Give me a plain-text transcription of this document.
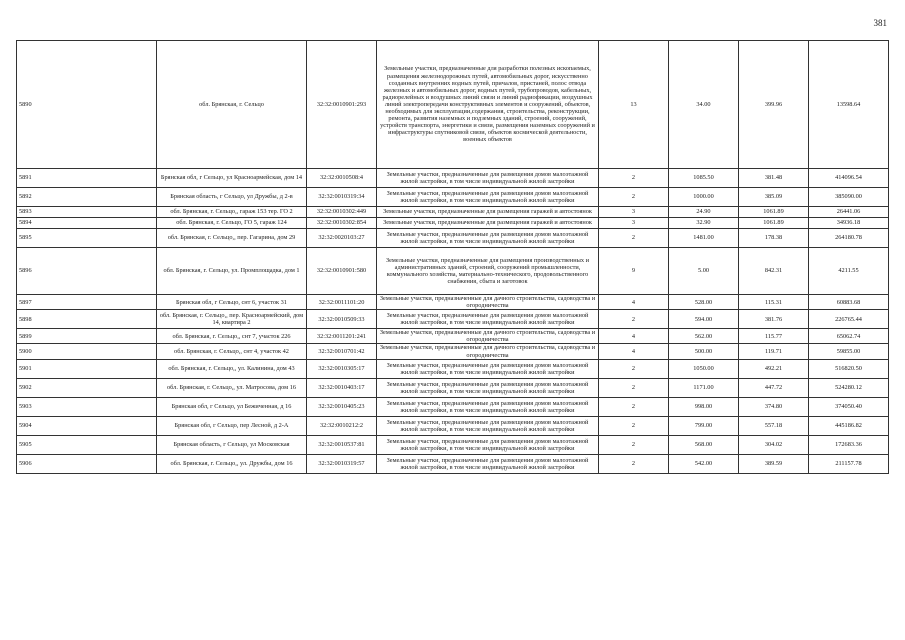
381
5890	обл. Брянская, г. Сельцо	32:32:0010901:293	Земельные участки, предназначенные для разработки полезных ископаемых, размещения железнодорожных путей, автомобильных дорог, искусственно созданных внутренних водных путей, причалов, пристаней, полос отвода железных и автомобильных дорог, водных путей, трубопроводов, кабельных, радиорелейных и воздушных линий связи и линий радиофикации, воздушных линий электропередачи конструктивных элементов и сооружений, объектов, необходимых для эксплуатации,содержания, строительства, реконструкции, ремонта, развития наземных и подземных зданий, строений, сооружений, устройств транспорта, энергетики и связи, размещения наземных сооружений и инфраструктуры спутниковой связи, объектов космической деятельности, военных объектов	13	34.00	399.96	13598.64
5891	Брянская обл, г Сельцо, ул Красноармейская, дом 14	32:32:0010508:4	Земельные участки, предназначенные для размещения домов малоэтажной жилой застройки, в том числе индивидуальной жилой застройки	2	1085.50	381.48	414096.54
5892	Брянская область, г Сельцо, ул Дружбы, д 2-в	32:32:0010319:34	Земельные участки, предназначенные для размещения домов малоэтажной жилой застройки, в том числе индивидуальной жилой застройки	2	1000.00	385.09	385090.00
5893	обл. Брянская, г. Сельцо,, гараж 153 тер. ГО 2	32:32:0010302:449	Земельные участки, предназначенные для размещения гаражей и автостоянок	3	24.90	1061.89	26441.06
5894	обл. Брянская, г. Сельцо, ГО 5, гараж 124	32:32:0010302:854	Земельные участки, предназначенные для размещения гаражей и автостоянок	3	32.90	1061.89	34936.18
5895	обл. Брянская, г. Сельцо,, пер. Гагарина, дом 29	32:32:0020103:27	Земельные участки, предназначенные для размещения домов малоэтажной жилой застройки, в том числе индивидуальной жилой застройки	2	1481.00	178.38	264180.78
5896	обл. Брянская, г. Сельцо, ул. Промплощадка, дом 1	32:32:0010901:580	Земельные участки, предназначенные для размещения производственных и административных зданий, строений, сооружений промышленности, коммунального хозяйства, материально-технического, продовольственного снабжения, сбыта и заготовок	9	5.00	842.31	4211.55
5897	Брянская обл, г Сельцо, снт 6, участок 31	32:32:0011101:20	Земельные участки, предназначенные для дачного строительства, садоводства и огородничества	4	528.00	115.31	60883.68
5898	обл. Брянская, г. Сельцо,, пер. Красноармейский, дом 14, квартира 2	32:32:0010509:33	Земельные участки, предназначенные для размещения домов малоэтажной жилой застройки, в том числе индивидуальной жилой застройки	2	594.00	381.76	226765.44
5899	обл. Брянская, г. Сельцо,, снт 7, участок 226	32:32:0011201:241	Земельные участки, предназначенные для дачного строительства, садоводства и огородничества	4	562.00	115.77	65062.74
5900	обл. Брянская, г. Сельцо,, снт 4, участок 42	32:32:0010701:42	Земельные участки, предназначенные для дачного строительства, садоводства и огородничества	4	500.00	119.71	59855.00
5901	обл. Брянская, г. Сельцо,, ул. Калинина, дом 43	32:32:0010305:17	Земельные участки, предназначенные для размещения домов малоэтажной жилой застройки, в том числе индивидуальной жилой застройки	2	1050.00	492.21	516820.50
5902	обл. Брянская, г. Сельцо,, ул. Матросова, дом 16	32:32:0010403:17	Земельные участки, предназначенные для размещения домов малоэтажной жилой застройки, в том числе индивидуальной жилой застройки	2	1171.00	447.72	524280.12
5903	Брянская обл, г Сельцо, ул Бежиченная, д 16	32:32:0010405:23	Земельные участки, предназначенные для размещения домов малоэтажной жилой застройки, в том числе индивидуальной жилой застройки	2	998.00	374.80	374050.40
5904	Брянская обл, г Сельцо, пер Лесной, д 2-А	32:32:0010212:2	Земельные участки, предназначенные для размещения домов малоэтажной жилой застройки, в том числе индивидуальной жилой застройки	2	799.00	557.18	445186.82
5905	Брянская область, г Сельцо, ул Московская	32:32:0010537:81	Земельные участки, предназначенные для размещения домов малоэтажной жилой застройки, в том числе индивидуальной жилой застройки	2	568.00	304.02	172683.36
5906	обл. Брянская, г. Сельцо,, ул. Дружбы, дом 16	32:32:0010319:57	Земельные участки, предназначенные для размещения домов малоэтажной жилой застройки, в том числе индивидуальной жилой застройки	2	542.00	389.59	211157.78
